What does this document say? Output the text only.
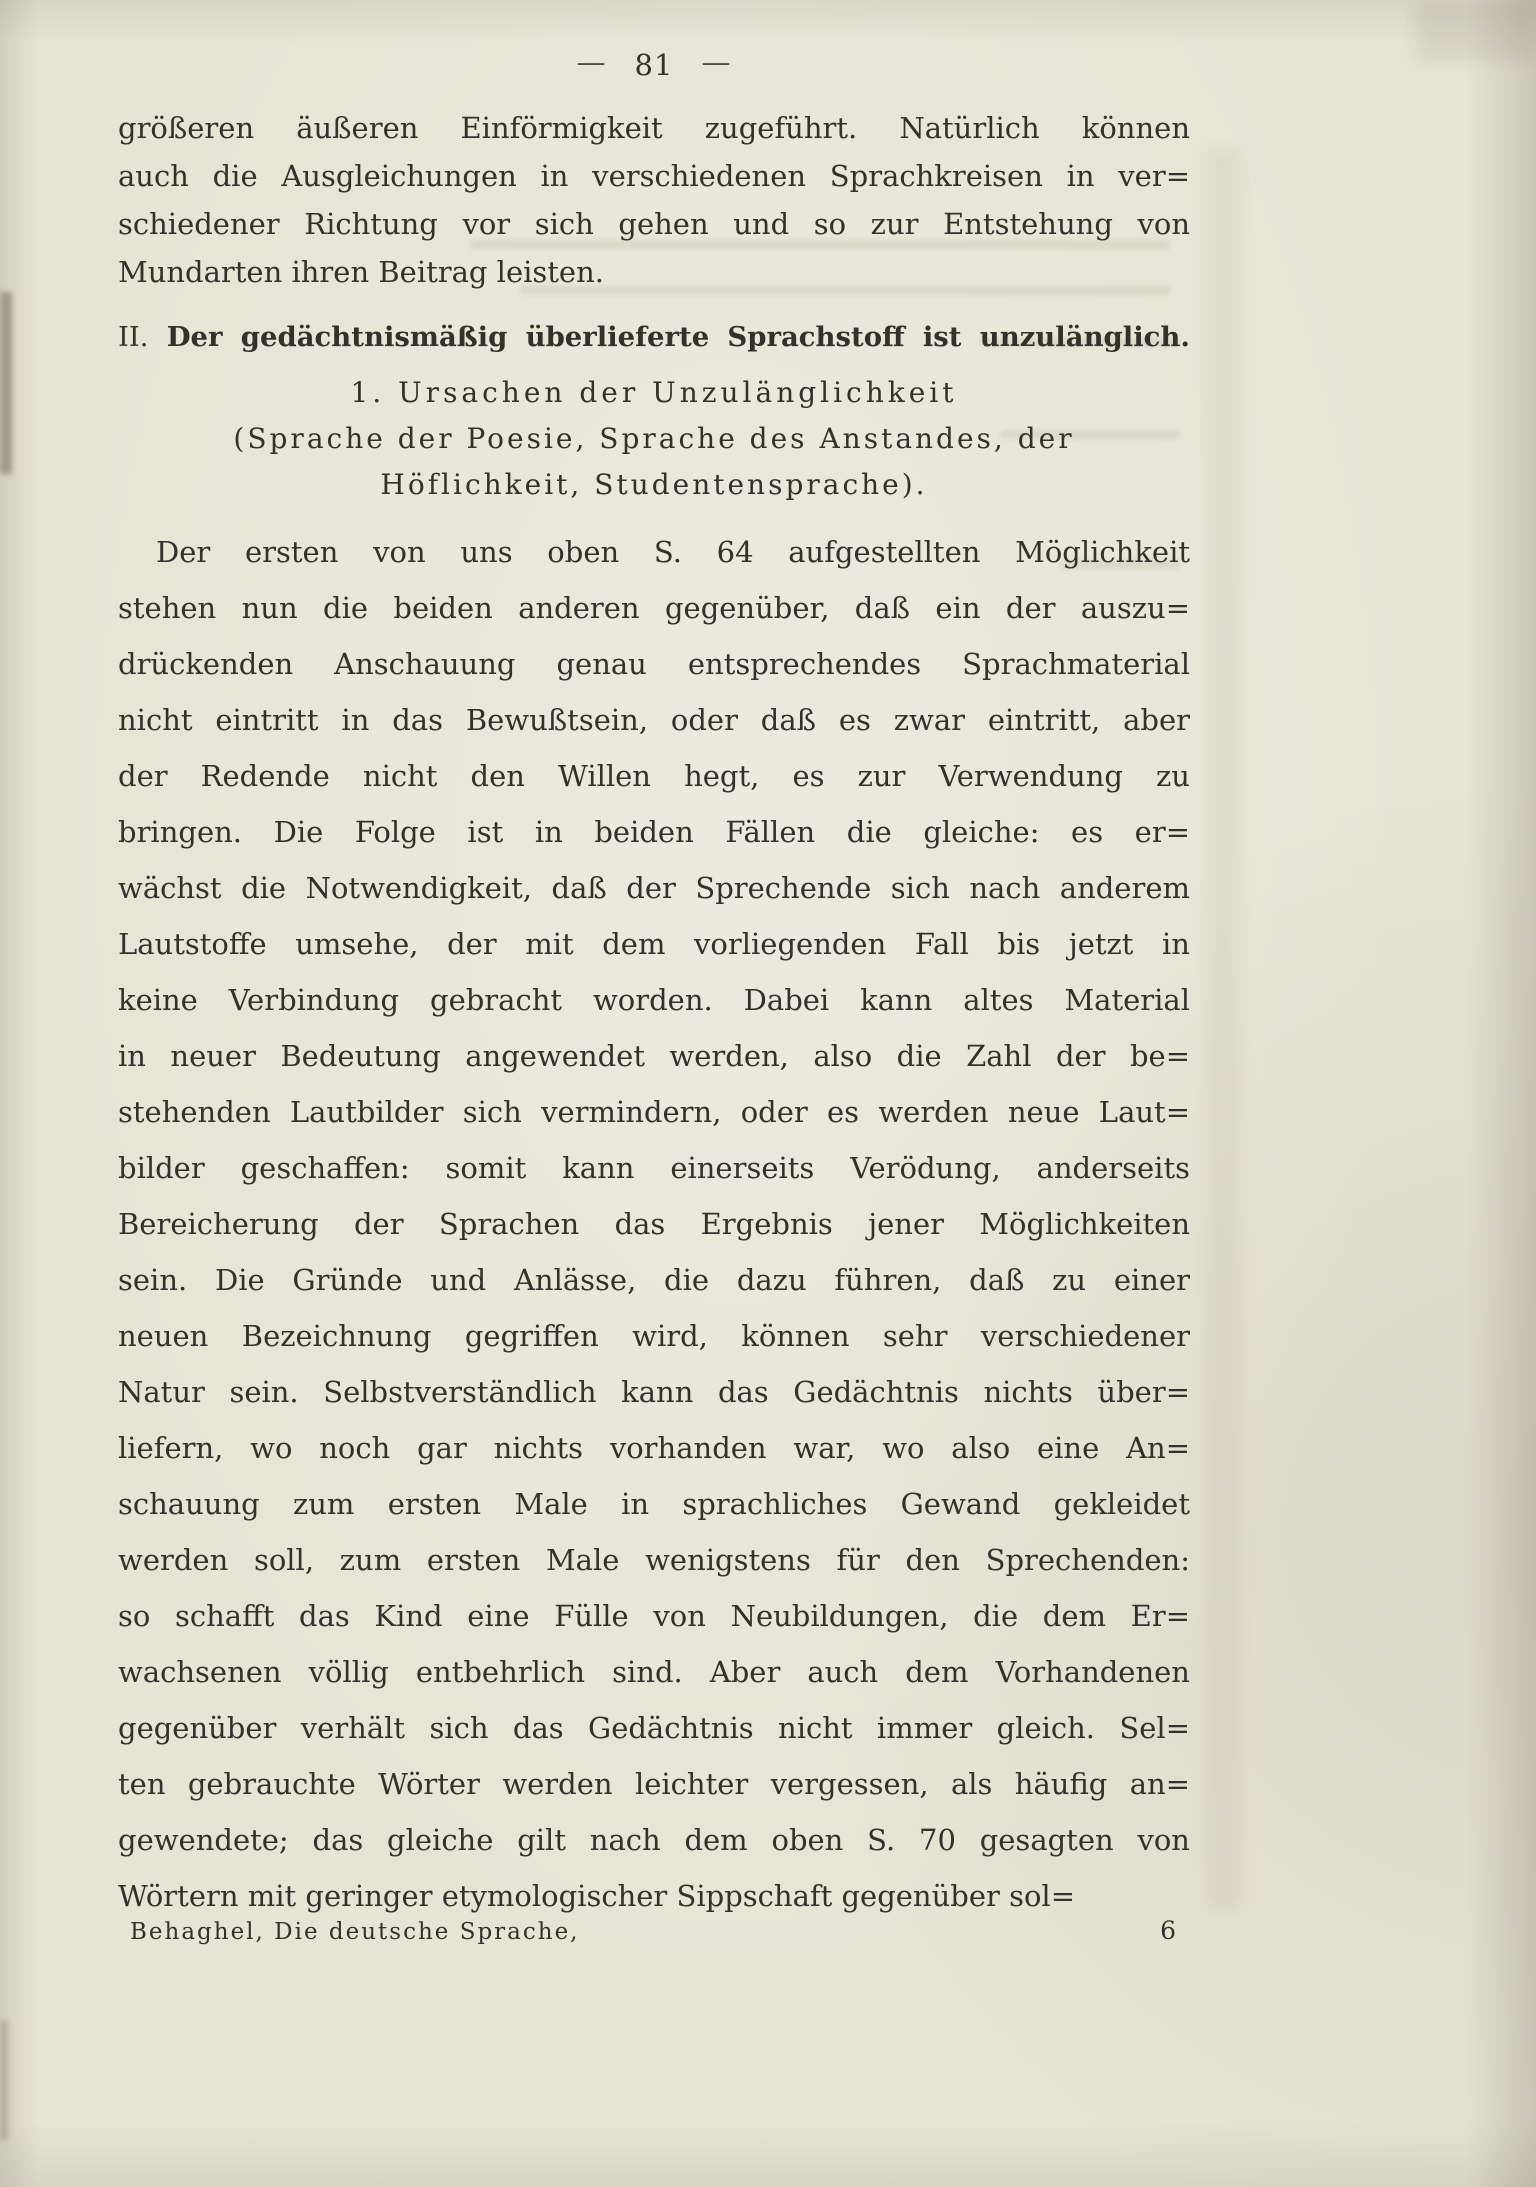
— 81 —
größeren äußeren Einförmigkeit zugeführt. Natürlich können
auch die Ausgleichungen in verschiedenen Sprachkreisen in ver=
schiedener Richtung vor sich gehen und so zur Entstehung von
Mundarten ihren Beitrag leisten.
II. Der gedächtnismäßig überlieferte Sprachstoff ist unzulänglich.
1. Ursachen der Unzulänglichkeit
(Sprache der Poesie, Sprache des Anstandes, der
Höflichkeit, Studentensprache).
Der ersten von uns oben S. 64 aufgestellten Möglichkeit
stehen nun die beiden anderen gegenüber, daß ein der auszu=
drückenden Anschauung genau entsprechendes Sprachmaterial
nicht eintritt in das Bewußtsein, oder daß es zwar eintritt, aber
der Redende nicht den Willen hegt, es zur Verwendung zu
bringen. Die Folge ist in beiden Fällen die gleiche: es er=
wächst die Notwendigkeit, daß der Sprechende sich nach anderem
Lautstoffe umsehe, der mit dem vorliegenden Fall bis jetzt in
keine Verbindung gebracht worden. Dabei kann altes Material
in neuer Bedeutung angewendet werden, also die Zahl der be=
stehenden Lautbilder sich vermindern, oder es werden neue Laut=
bilder geschaffen: somit kann einerseits Verödung, anderseits
Bereicherung der Sprachen das Ergebnis jener Möglichkeiten
sein. Die Gründe und Anlässe, die dazu führen, daß zu einer
neuen Bezeichnung gegriffen wird, können sehr verschiedener
Natur sein. Selbstverständlich kann das Gedächtnis nichts über=
liefern, wo noch gar nichts vorhanden war, wo also eine An=
schauung zum ersten Male in sprachliches Gewand gekleidet
werden soll, zum ersten Male wenigstens für den Sprechenden:
so schafft das Kind eine Fülle von Neubildungen, die dem Er=
wachsenen völlig entbehrlich sind. Aber auch dem Vorhandenen
gegenüber verhält sich das Gedächtnis nicht immer gleich. Sel=
ten gebrauchte Wörter werden leichter vergessen, als häufig an=
gewendete; das gleiche gilt nach dem oben S. 70 gesagten von
Wörtern mit geringer etymologischer Sippschaft gegenüber sol=
Behaghel, Die deutsche Sprache,	6
